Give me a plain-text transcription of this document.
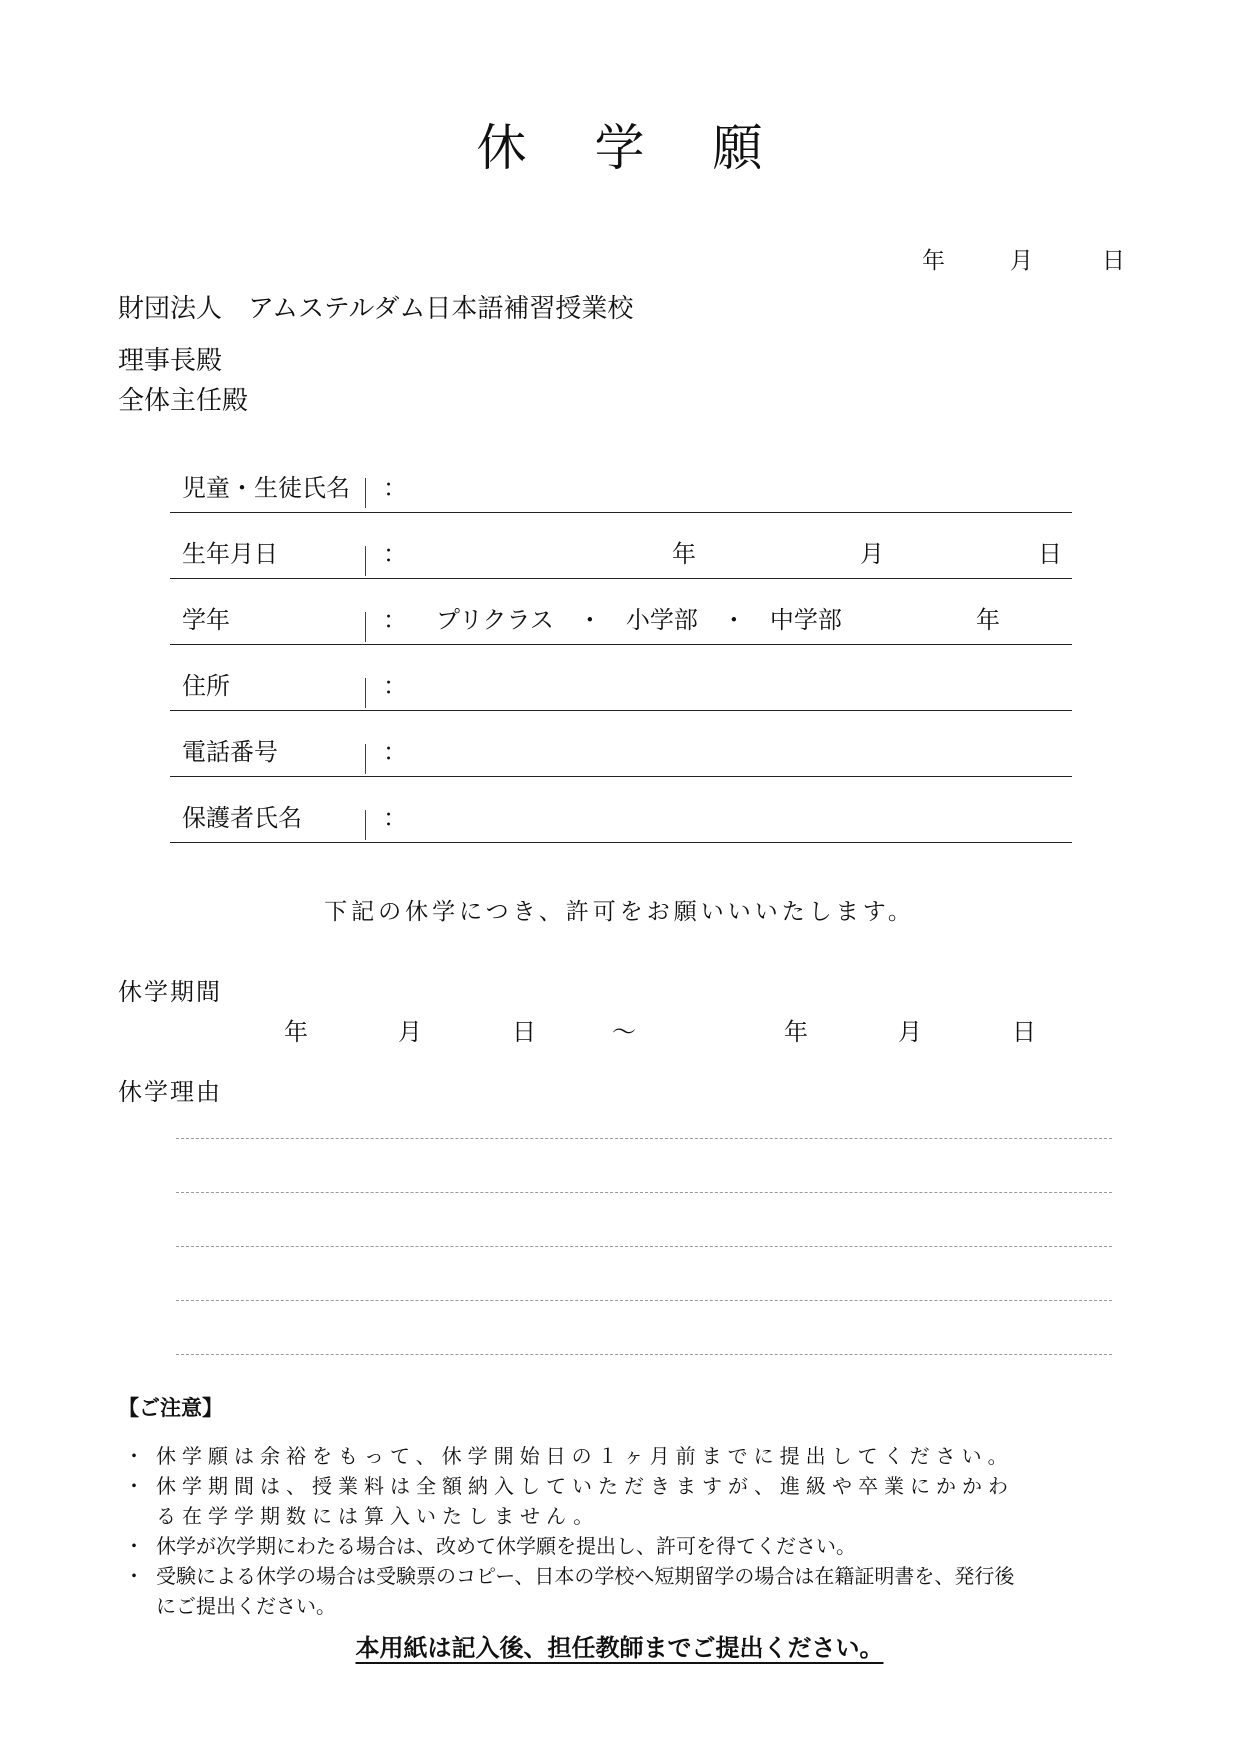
休 学 願
年	月	日
財団法人　アムステルダム日本語補習授業校
理事長殿
全体主任殿
児童・生徒氏名 ：
生年月日	：	年	月	日
学年	： プリクラス　・　小学部　・　中学部	年
住所	：
電話番号	：
保護者氏名	：
下記の休学につき、許可をお願いいいたします。
休学期間
年	月	日	～	年	月	日
休学理由
【ご注意】
・ 休学願は余裕をもって、休学開始日の１ヶ月前までに提出してください。
・ 休学期間は、授業料は全額納入していただきますが、進級や卒業にかかわ
る在学学期数には算入いたしません。
・ 休学が次学期にわたる場合は、改めて休学願を提出し、許可を得てください。
・ 受験による休学の場合は受験票のコピー、日本の学校へ短期留学の場合は在籍証明書を、発行後
にご提出ください。
本用紙は記入後、担任教師までご提出ください。
